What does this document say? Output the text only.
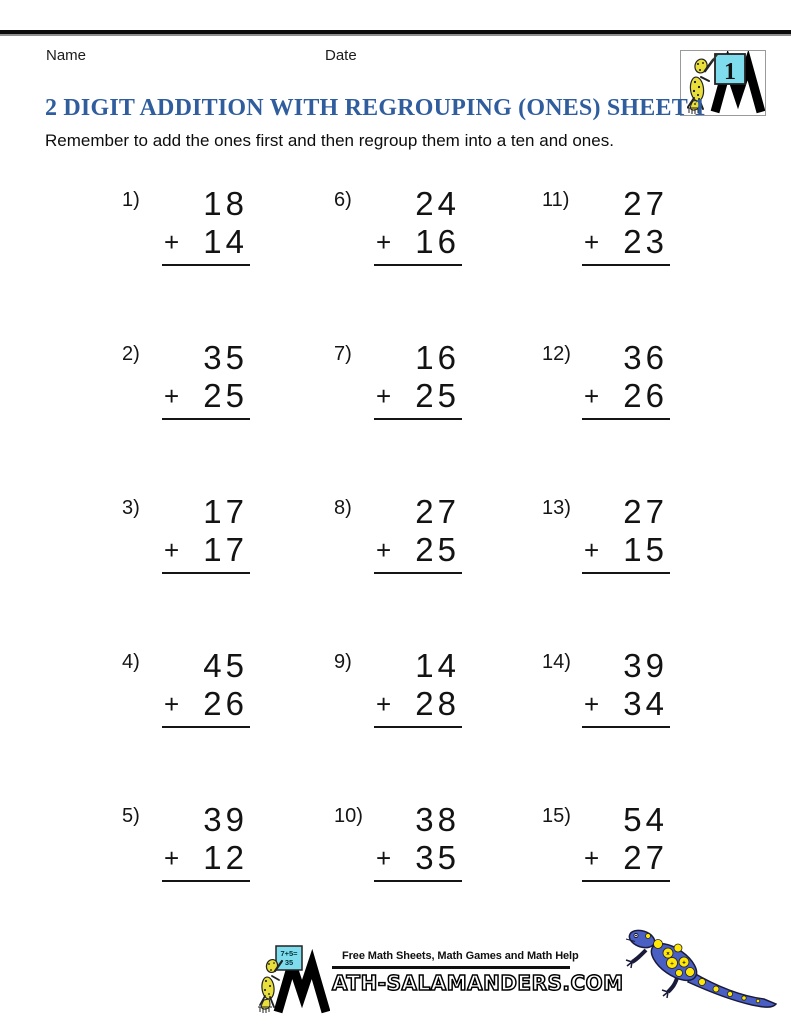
Name	Date
1
2 DIGIT ADDITION WITH REGROUPING (ONES) SHEET 1

Remember to add the ones first and then regroup them into a ten and ones.

1)	18
+ 14
6)	24
+ 16
11)	27
+ 23
2)	35
+ 25
7)	16
+ 25
12)	36
+ 26
3)	17
+ 17
8)	27
+ 25
13)	27
+ 15
4)	45
+ 26
9)	14
+ 28
14)	39
+ 34
5)	39
+ 12
10)	38
+ 35
15)	54
+ 27
7+5=
35
Free Math Sheets, Math Games and Math Help
ATH-SALAMANDERS.COM
×
÷ +
